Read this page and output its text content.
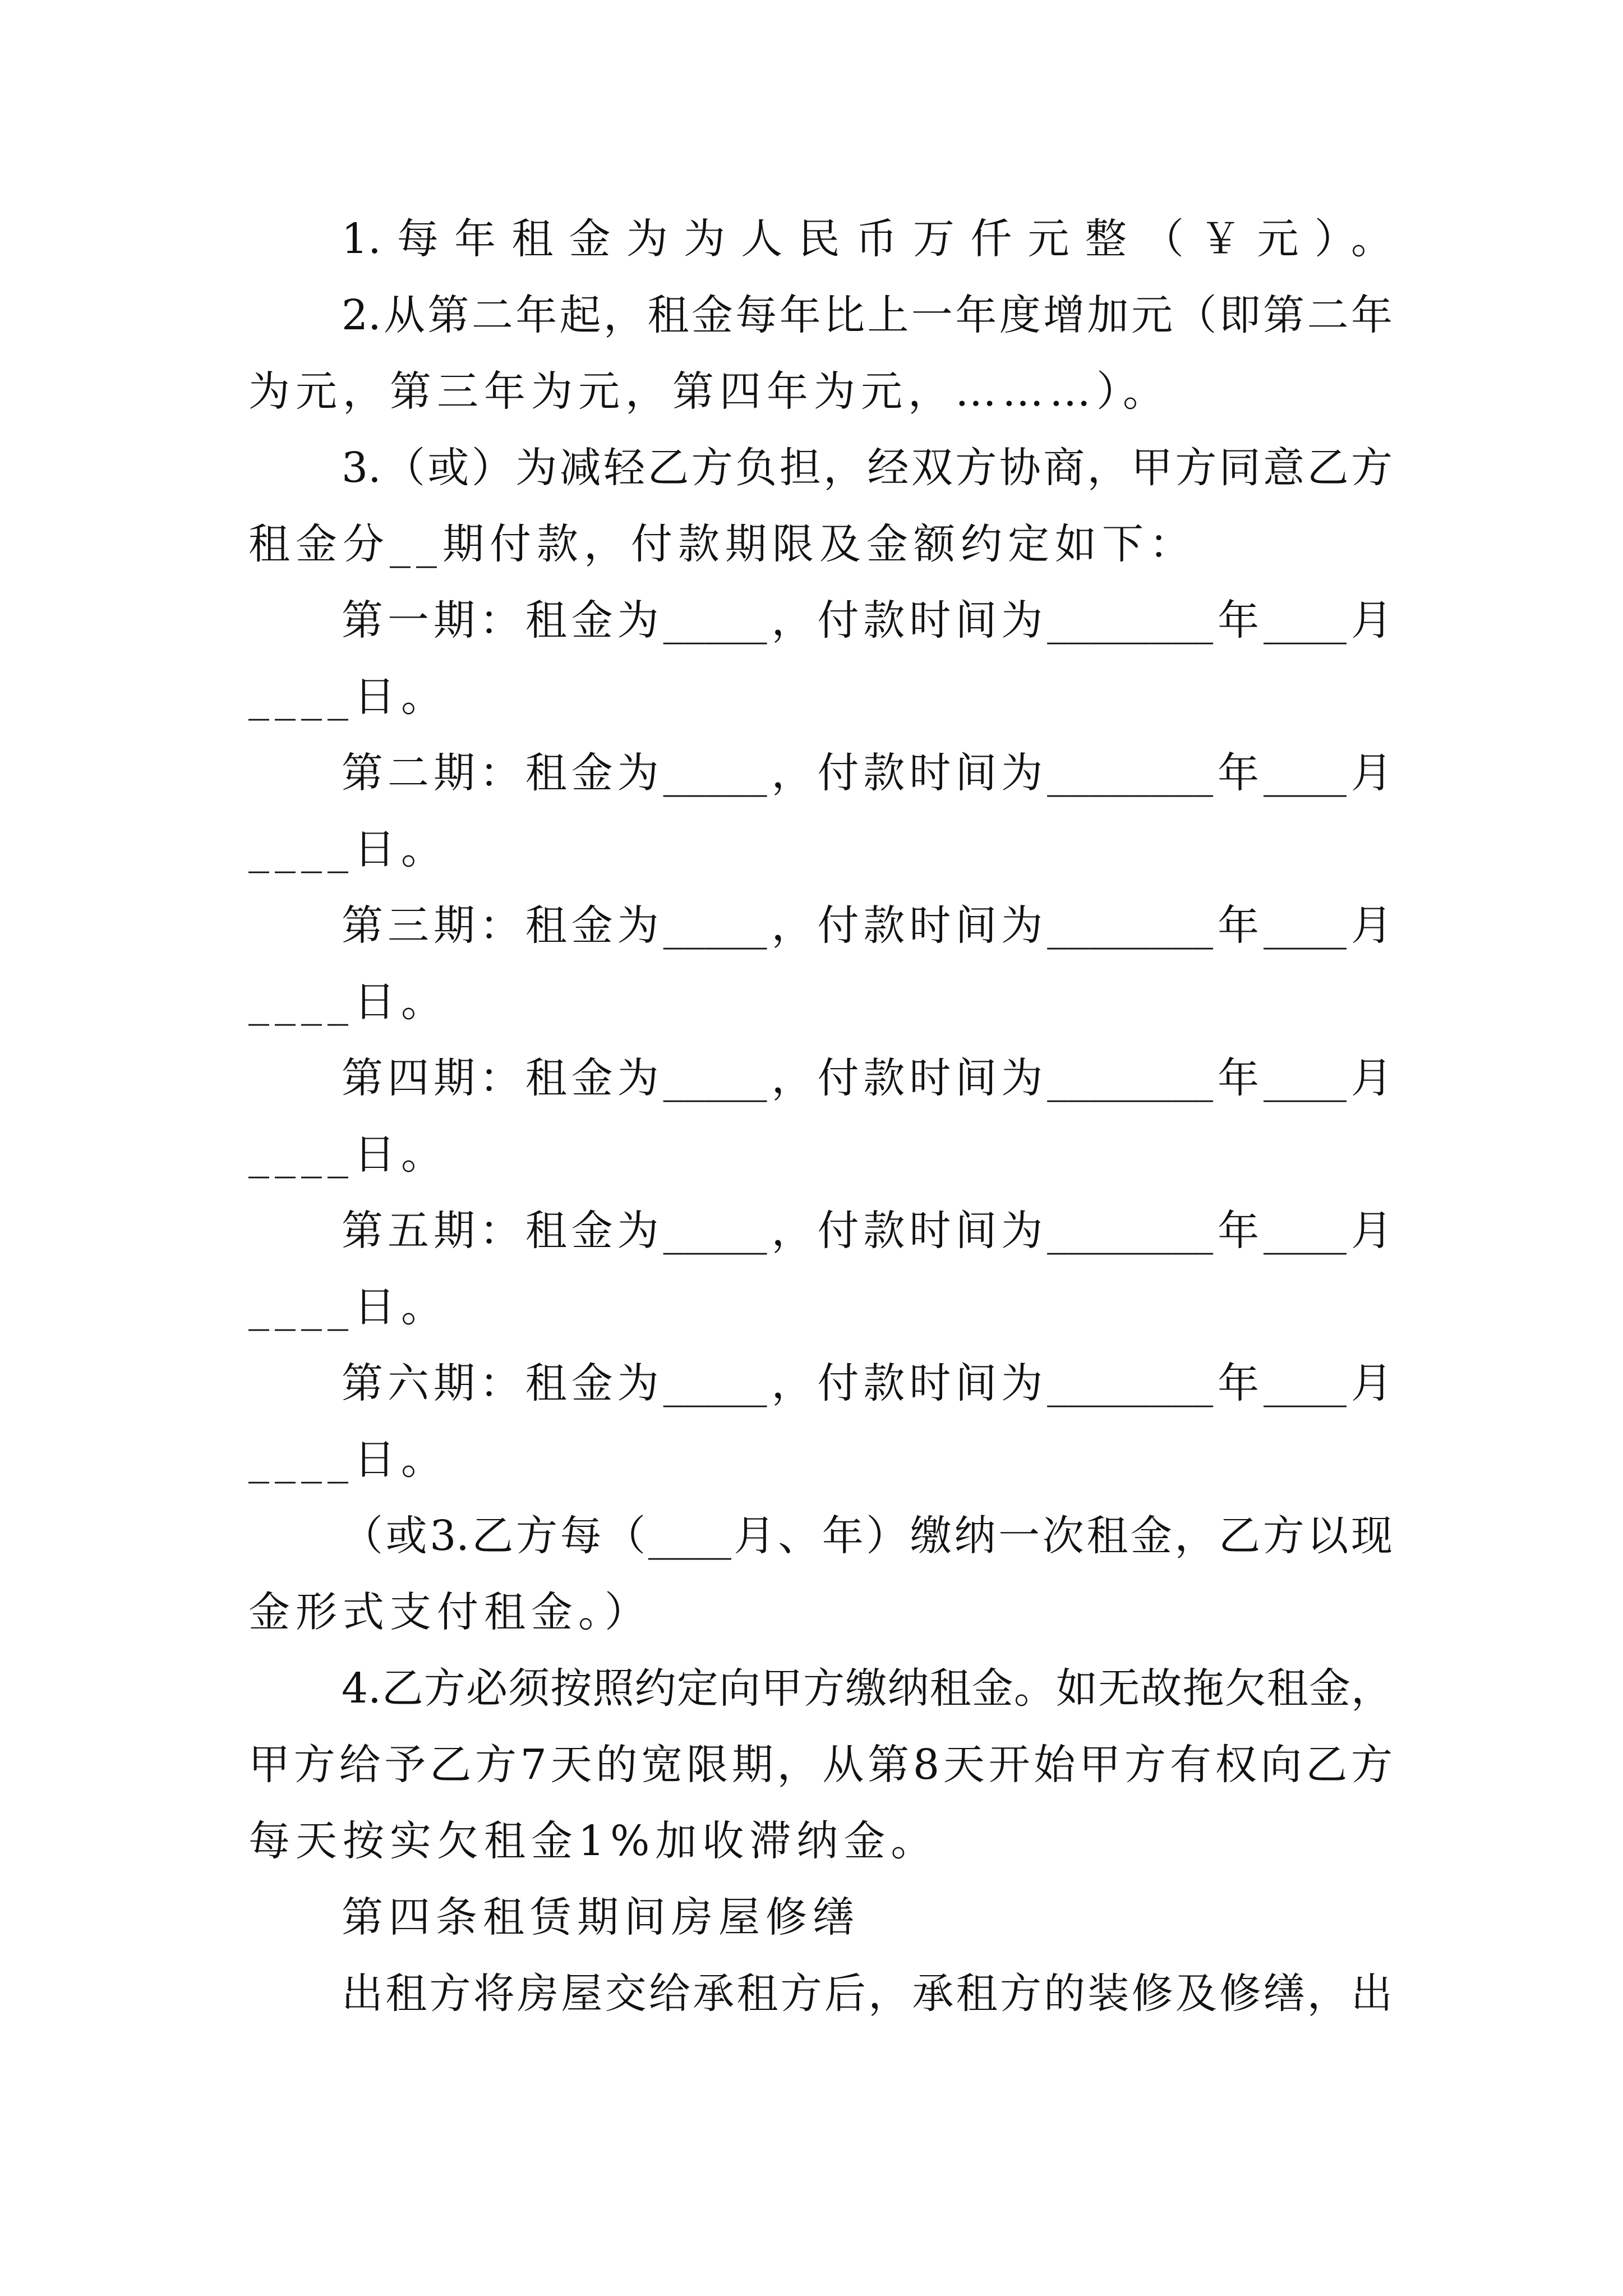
1.每年租金为为人民币万仟元整（￥元）。
2.从第二年起，租金每年比上一年度增加元（即第二年
为元，第三年为元，第四年为元，………）。
3.（或）为减轻乙方负担，经双方协商，甲方同意乙方
租金分__期付款，付款期限及金额约定如下：
第一期：租金为_____，付款时间为________年____月
____日。
第二期：租金为_____，付款时间为________年____月
____日。
第三期：租金为_____，付款时间为________年____月
____日。
第四期：租金为_____，付款时间为________年____月
____日。
第五期：租金为_____，付款时间为________年____月
____日。
第六期：租金为_____，付款时间为________年____月
____日。
（或3.乙方每（____月、年）缴纳一次租金，乙方以现
金形式支付租金。）
4.乙方必须按照约定向甲方缴纳租金。如无故拖欠租金，
甲方给予乙方7天的宽限期，从第8天开始甲方有权向乙方
每天按实欠租金1%加收滞纳金。
第四条租赁期间房屋修缮
出租方将房屋交给承租方后，承租方的装修及修缮，出
